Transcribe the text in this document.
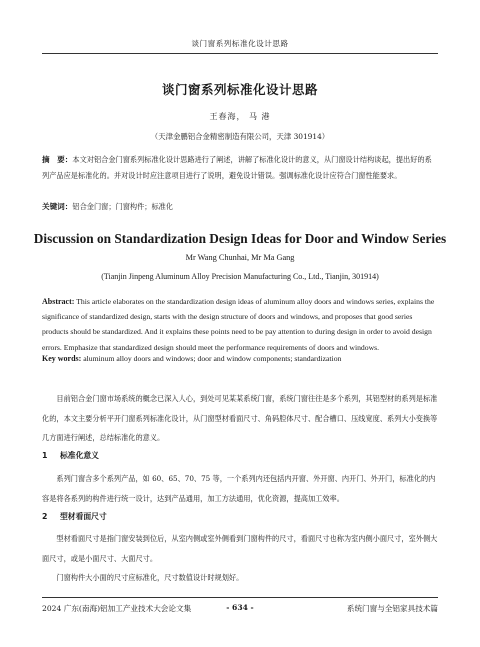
谈门窗系列标准化设计思路
谈门窗系列标准化设计思路
王春海， 马 港
（天津金鹏铝合金精密制造有限公司，天津 301914）
摘　要：本文对铝合金门窗系列标准化设计思路进行了阐述，讲解了标准化设计的意义，从门窗设计结构谈起，提出好的系列产品应是标准化的。并对设计时应注意项目进行了说明，避免设计错误。强调标准化设计应符合门窗性能要求。
关键词：铝合金门窗；门窗构件；标准化
Discussion on Standardization Design Ideas for Door and Window Series
Mr Wang Chunhai, Mr Ma Gang
(Tianjin Jinpeng Aluminum Alloy Precision Manufacturing Co., Ltd., Tianjin, 301914)
Abstract: This article elaborates on the standardization design ideas of aluminum alloy doors and windows series, explains the significance of standardized design, starts with the design structure of doors and windows, and proposes that good series products should be standardized. And it explains these points need to be pay attention to during design in order to avoid design errors. Emphasize that standardized design should meet the performance requirements of doors and windows.
Key words: aluminum alloy doors and windows; door and window components; standardization
目前铝合金门窗市场系统的概念已深入人心，到处可见某某系统门窗，系统门窗往往是多个系列，其铝型材的系列是标准化的，本文主要分析平开门窗系列标准化设计，从门窗型材看面尺寸、角码腔体尺寸、配合槽口、压线宽度、系列大小变换等几方面进行阐述，总结标准化的意义。
1 标准化意义
系列门窗含多个系列产品，如 60、65、70、75 等，一个系列内还包括内开窗、外开窗、内开门、外开门，标准化的内容是将各系列的构件进行统一设计，达到产品通用，加工方法通用，优化资源，提高加工效率。
2 型材看面尺寸
型材看面尺寸是指门窗安装到位后，从室内侧或室外侧看到门窗构件的尺寸，看面尺寸也称为室内侧小面尺寸，室外侧大面尺寸，或是小面尺寸、大面尺寸。
门窗构件大小面的尺寸应标准化，尺寸数值设计时规划好。
2024 广东(南海)铝加工产业技术大会论文集	- 634 -	系统门窗与全铝家具技术篇
